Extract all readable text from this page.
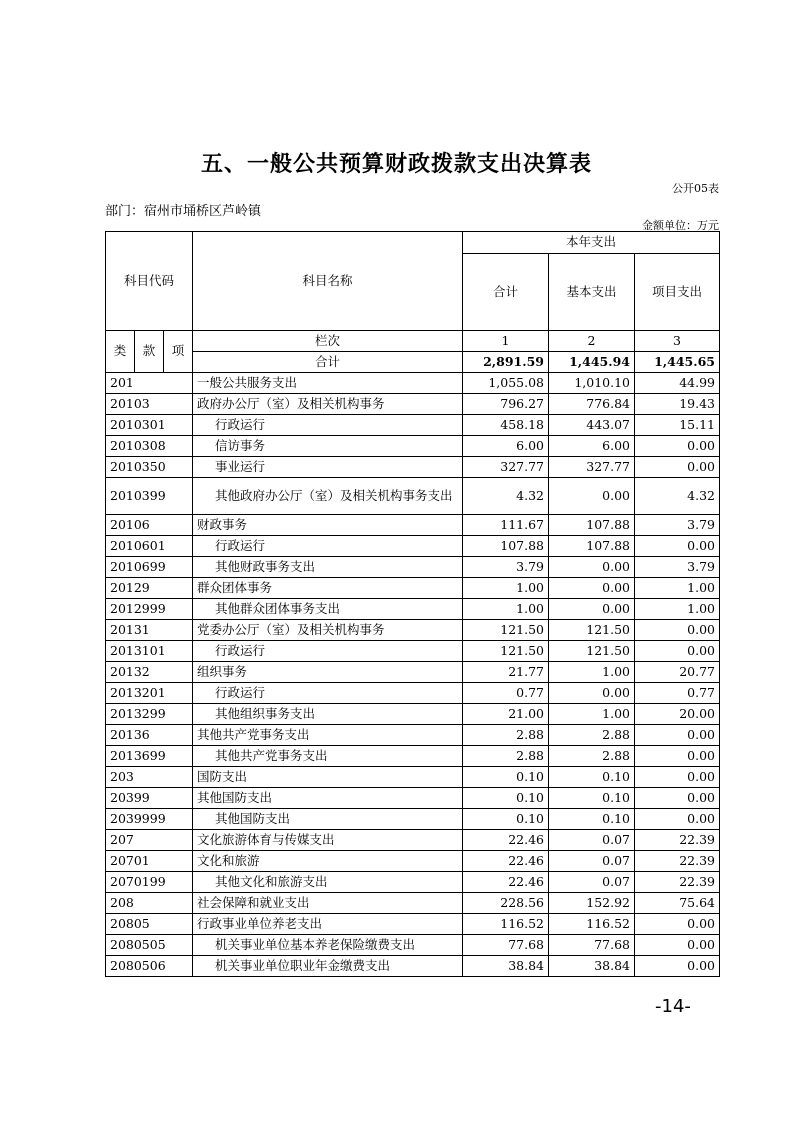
五、一般公共预算财政拨款支出决算表
公开05表
部门：宿州市埇桥区芦岭镇
金额单位：万元
科目代码			科目名称	本年支出		
				合计	基本支出	项目支出

类	款	项	栏次	1	2	3
			合计	2,891.59	1,445.94	1,445.65
201			一般公共服务支出	1,055.08	1,010.10	44.99
20103			政府办公厅（室）及相关机构事务	796.27	776.84	19.43
2010301			行政运行	458.18	443.07	15.11
2010308			信访事务	6.00	6.00	0.00
2010350			事业运行	327.77	327.77	0.00
2010399			其他政府办公厅（室）及相关机构事务支出	4.32	0.00	4.32
20106			财政事务	111.67	107.88	3.79
2010601			行政运行	107.88	107.88	0.00
2010699			其他财政事务支出	3.79	0.00	3.79
20129			群众团体事务	1.00	0.00	1.00
2012999			其他群众团体事务支出	1.00	0.00	1.00
20131			党委办公厅（室）及相关机构事务	121.50	121.50	0.00
2013101			行政运行	121.50	121.50	0.00
20132			组织事务	21.77	1.00	20.77
2013201			行政运行	0.77	0.00	0.77
2013299			其他组织事务支出	21.00	1.00	20.00
20136			其他共产党事务支出	2.88	2.88	0.00
2013699			其他共产党事务支出	2.88	2.88	0.00
203			国防支出	0.10	0.10	0.00
20399			其他国防支出	0.10	0.10	0.00
2039999			其他国防支出	0.10	0.10	0.00
207			文化旅游体育与传媒支出	22.46	0.07	22.39
20701			文化和旅游	22.46	0.07	22.39
2070199			其他文化和旅游支出	22.46	0.07	22.39
208			社会保障和就业支出	228.56	152.92	75.64
20805			行政事业单位养老支出	116.52	116.52	0.00
2080505			机关事业单位基本养老保险缴费支出	77.68	77.68	0.00
2080506			机关事业单位职业年金缴费支出	38.84	38.84	0.00
-14-
